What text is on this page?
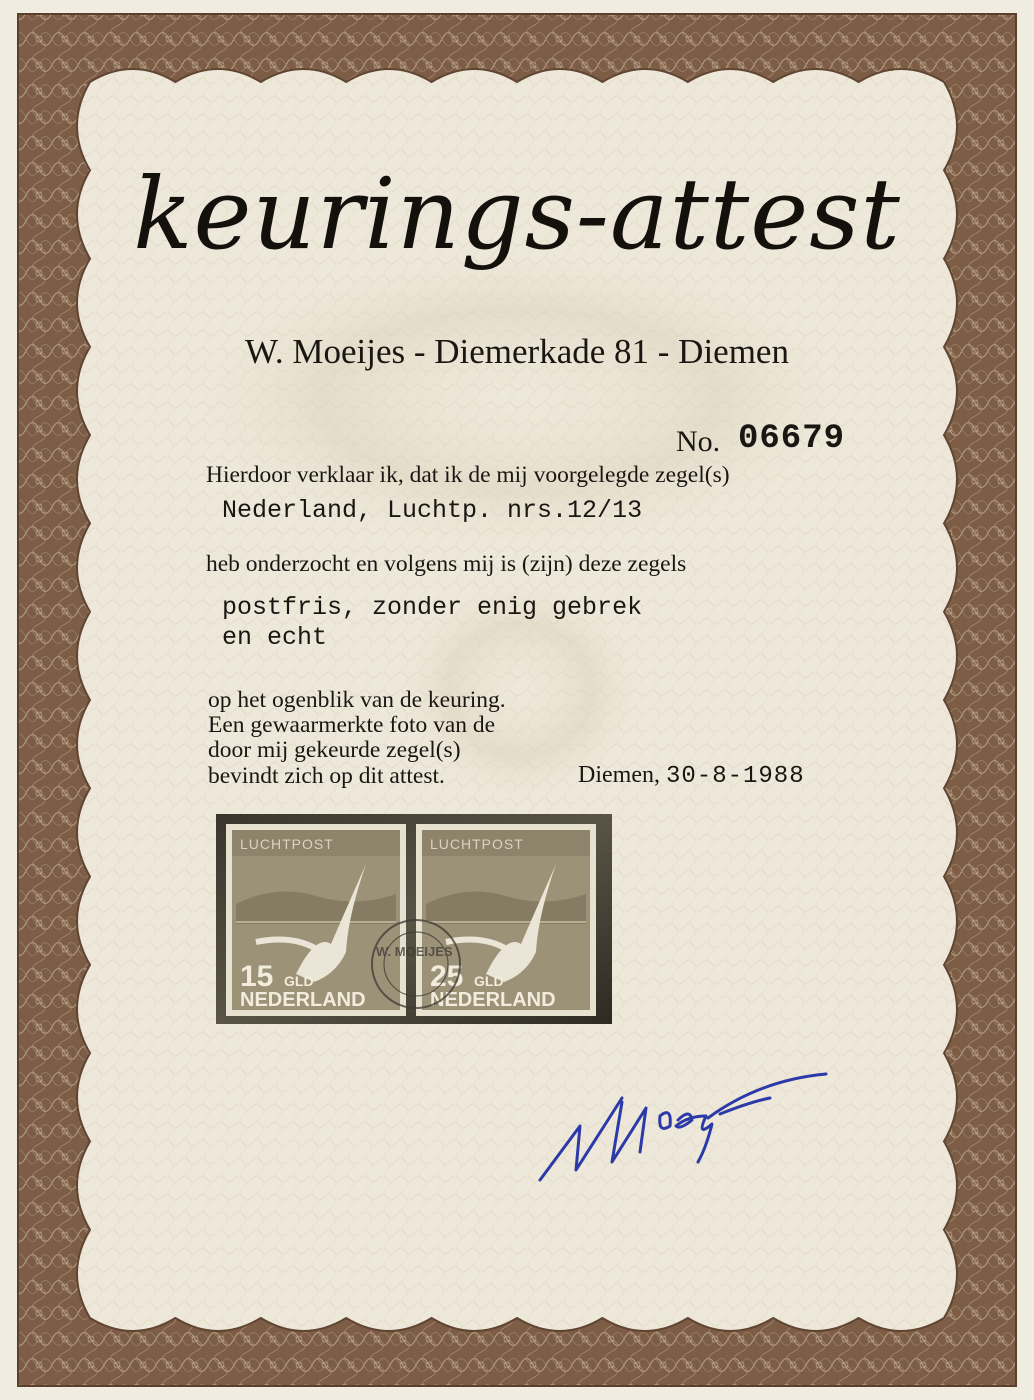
keurings-attest
W. Moeijes - Diemerkade 81 - Diemen
No. 06679
Hierdoor verklaar ik, dat ik de mij voorgelegde zegel(s)
Nederland, Luchtp. nrs.12/13
heb onderzocht en volgens mij is (zijn) deze zegels
postfris, zonder enig gebrek
en echt
op het ogenblik van de keuring.
Een gewaarmerkte foto van de
door mij gekeurde zegel(s)
bevindt zich op dit attest.	Diemen, 30-8-1988
LUCHTPOST
15 GLD
NEDERLAND
LUCHTPOST
25 GLD
NEDERLAND
W. MOEIJES
